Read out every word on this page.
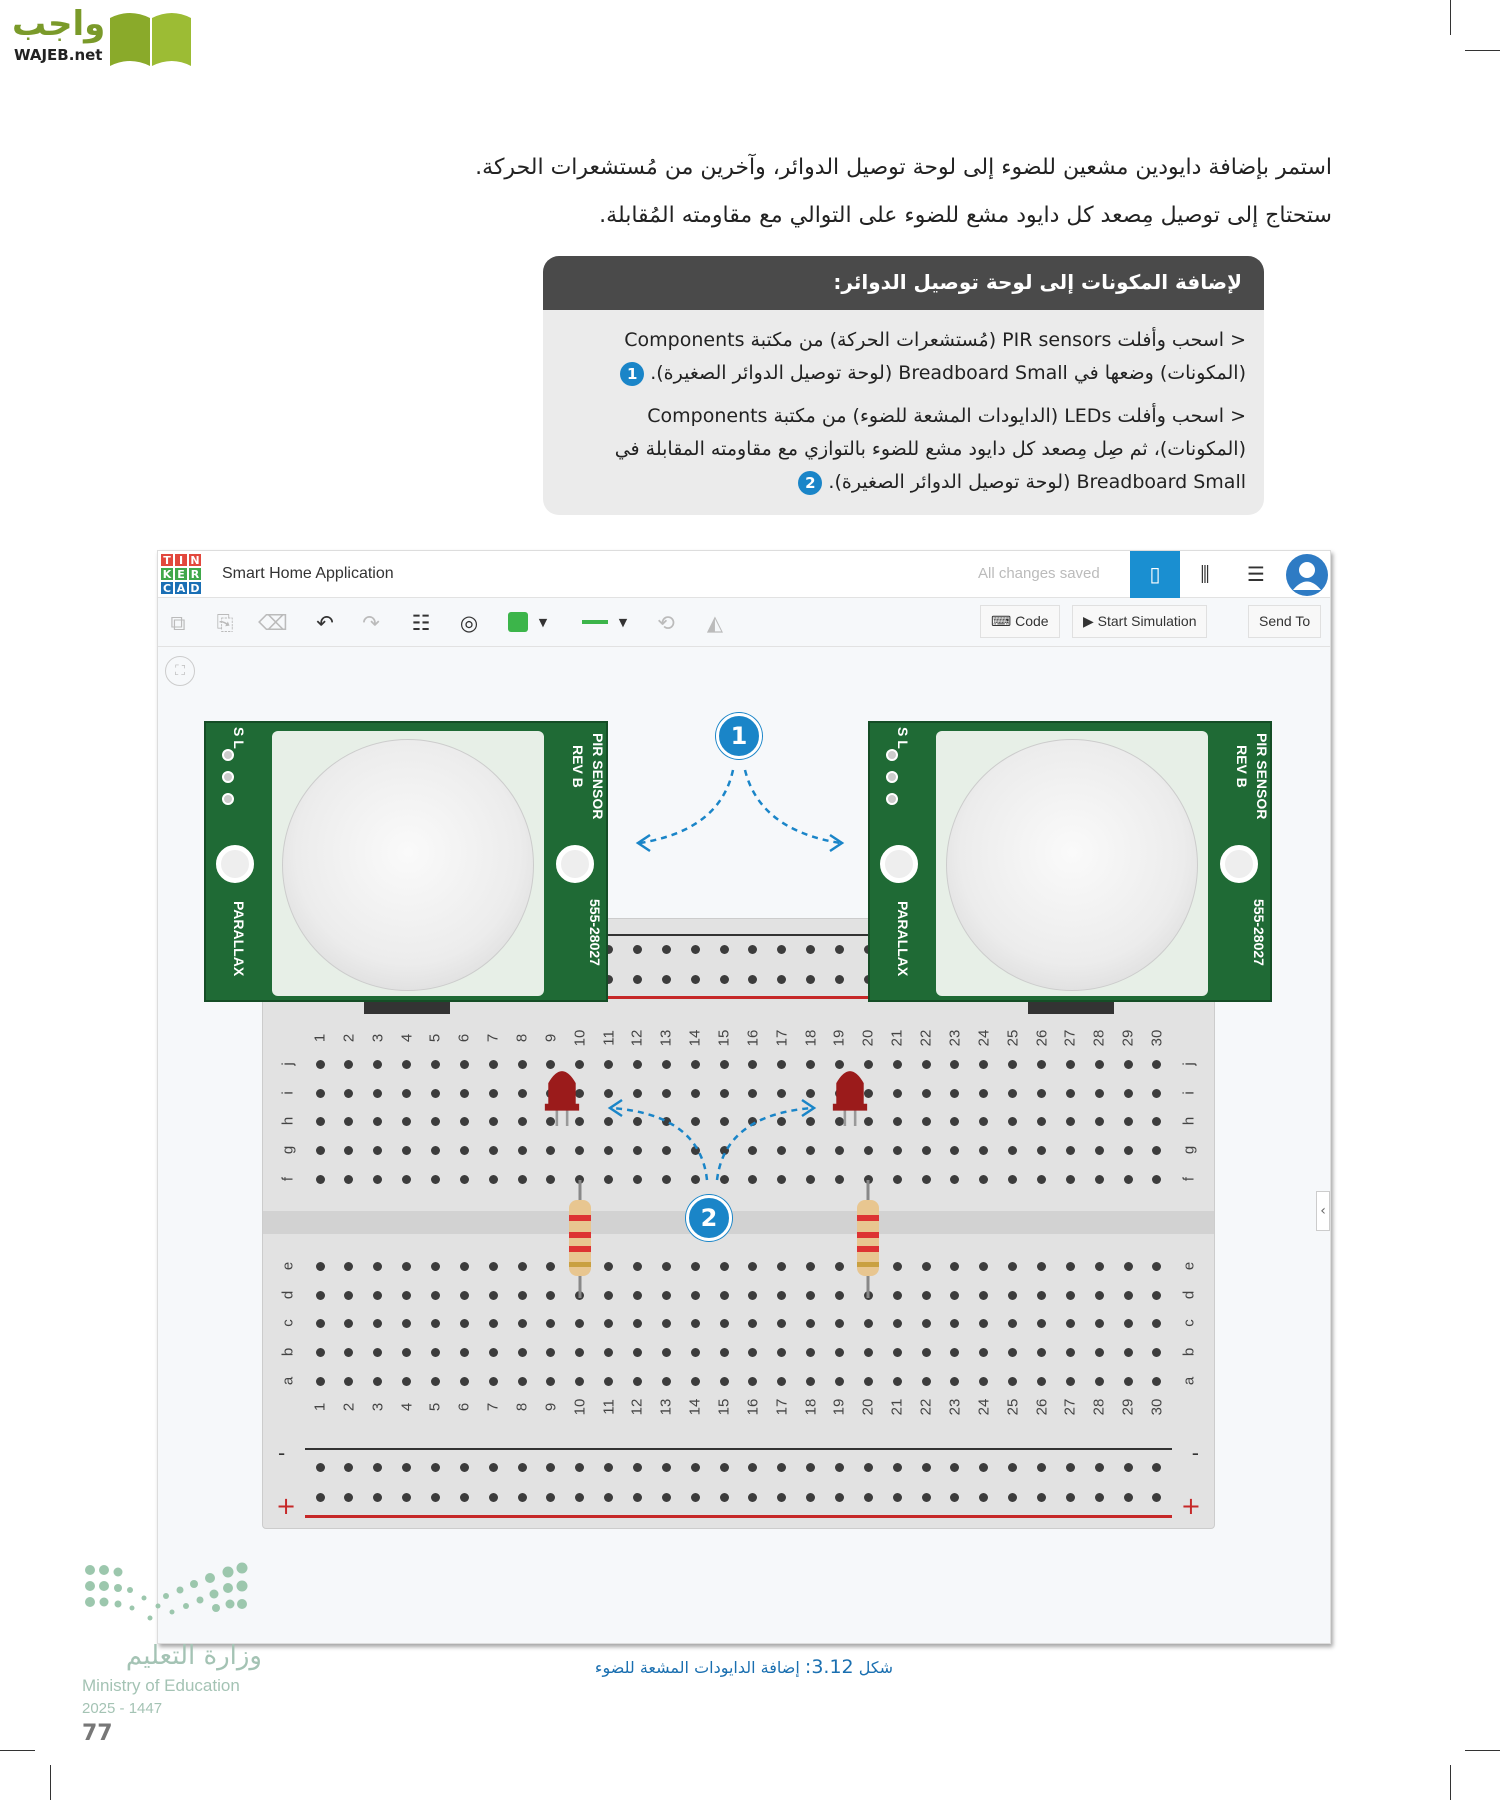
واجب
WAJEB.net
استمر بإضافة دايودين مشعين للضوء إلى لوحة توصيل الدوائر، وآخرين من مُستشعرات الحركة.
ستحتاج إلى توصيل مِصعد كل دايود مشع للضوء على التوالي مع مقاومته المُقابلة.
لإضافة المكونات إلى لوحة توصيل الدوائر:
< اسحب وأفلت PIR sensors (مُستشعرات الحركة) من مكتبة Components
(المكونات) وضعها في Breadboard Small (لوحة توصيل الدوائر الصغيرة). 1
< اسحب وأفلت LEDs (الدايودات المشعة للضوء) من مكتبة Components
(المكونات)، ثم صِل مِصعد كل دايود مشع للضوء بالتوازي مع مقاومته المقابلة في
Breadboard Small (لوحة توصيل الدوائر الصغيرة). 2
T I N
K E R
C A D
Smart Home Application	All changes saved	▯	⫼	☰
⧉	⎘	⌫ ↶ ↷ ☷ ◎	▼	▼	⟲	◭	⌨ Code	▶ Start Simulation	Send To
⛶
‹
-
+
-
+
1
1
2
2
3
3
4
4
5
5
6
6
7
7
8
8
9
9
10
10
11
11
12
12
13
13
14
14
15
15
16
16
17
17
18
18
19
19
20
20
21
21
22
22
23
23
24
24
25
25
26
26
27
27
28
28
29
29
30
30
j	j
i	i
h	h
g	g
f	f
e	e
d	d
c	c
b	b
a	a
S L
PARALLAX
PIR SENSOR
REV B
555-28027
S L
PARALLAX
PIR SENSOR
REV B
555-28027
1
2
شكل 3.12: إضافة الدايودات المشعة للضوء
وزارة التعليم
Ministry of Education
2025 - 1447
77
